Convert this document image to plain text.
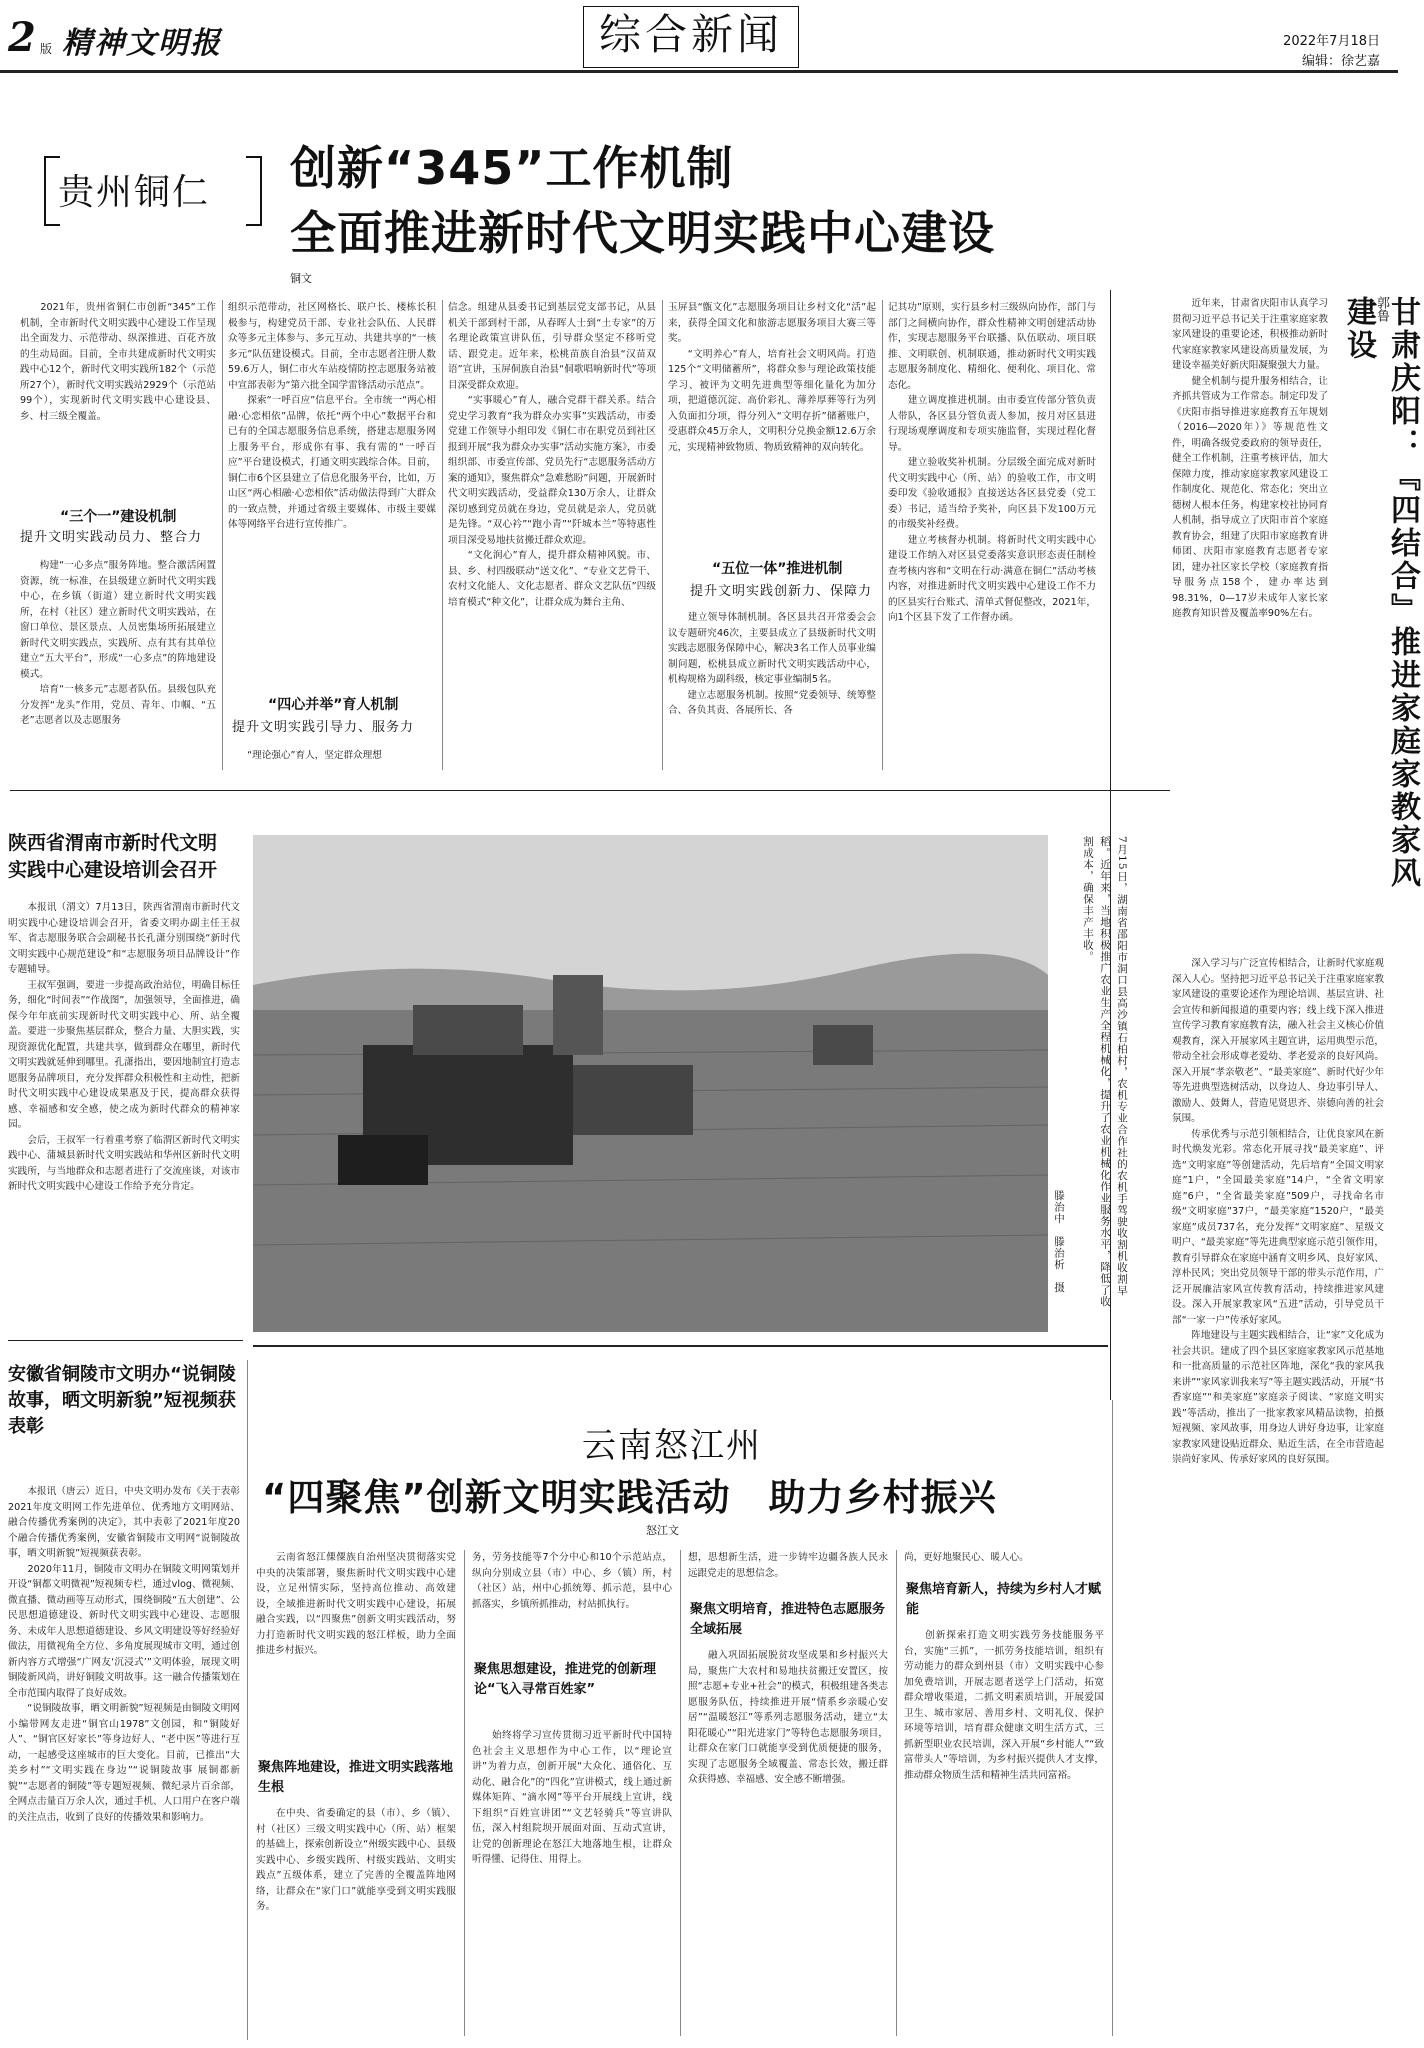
2 版 精神文明报	综合新闻	2022年7月18日
编辑：徐艺嘉
贵州铜仁 创新“345”工作机制
全面推进新时代文明实践中心建设
铜文
　　2021年，贵州省铜仁市创新“345”工作机制，全市新时代文明实践中心建设工作呈现出全面发力、示范带动、纵深推进、百花齐放的生动局面。目前，全市共建成新时代文明实践中心12个，新时代文明实践所182个（示范所27个），新时代文明实践站2929个（示范站99个），实现新时代文明实践中心建设县、乡、村三级全覆盖。
“三个一”建设机制
提升文明实践动员力、整合力
　　构建“一心多点”服务阵地。整合激活闲置资源，统一标准，在县级建立新时代文明实践中心，在乡镇（街道）建立新时代文明实践所，在村（社区）建立新时代文明实践站，在窗口单位、景区景点、人员密集场所拓展建立新时代文明实践点，实践所、点有其有其单位建立“五大平台”，形成“一心多点”的阵地建设模式。
　　培育“一核多元”志愿者队伍。县级包队充分发挥“龙头”作用，党员、青年、巾帼、“五老”志愿者以及志愿服务
组织示范带动，社区网格长、联户长、楼栋长积极参与，构建党员干部、专业社会队伍、人民群众等多元主体参与、多元互动、共建共享的“一核多元”队伍建设模式。目前，全市志愿者注册人数59.6万人，铜仁市火车站疫情防控志愿服务站被中宣部表彰为“第六批全国学雷锋活动示范点”。
　　探索“一呼百应”信息平台。全市统一“两心相融·心恋相依”品牌，依托“两个中心”数据平台和已有的全国志愿服务信息系统，搭建志愿服务网上服务平台，形成你有事、我有需的“一呼百应”平台建设模式，打通文明实践综合体。目前，铜仁市6个区县建立了信息化服务平台，比如，万山区“两心相融·心恋相依”活动做法得到广大群众的一致点赞，并通过省级主要媒体、市级主要媒体等网络平台进行宣传推广。
“四心并举”育人机制
提升文明实践引导力、服务力
　　“理论强心”育人，坚定群众理想
信念。组建从县委书记到基层党支部书记，从县机关干部到村干部，从春晖人士到“土专家”的万名理论政策宣讲队伍，引导群众坚定不移听党话、跟党走。近年来，松桃苗族自治县“汉苗双语”宣讲，玉屏侗族自治县“侗歌唱响新时代”等项目深受群众欢迎。
　　“实事暖心”育人，融合党群干群关系。结合党史学习教育“我为群众办实事”实践活动，市委党建工作领导小组印发《铜仁市在职党员到社区报到开展“我为群众办实事”活动实施方案》，市委组织部、市委宣传部、党员先行“志愿服务活动方案的通知》，聚焦群众“急难愁盼”问题，开展新时代文明实践活动，受益群众130万余人，让群众深切感到党员就在身边，党员就是亲人，党员就是先锋。“双心衿”“跑小青”“阡城本兰”等特惠性项目深受易地扶贫搬迁群众欢迎。
　　“文化润心”育人，提升群众精神风貌。市、县、乡、村四级联动“送文化”、“专业文艺骨干、农村文化能人、文化志愿者、群众文艺队伍”四级培育模式“种文化”，让群众成为舞台主角、
玉屏县“甑文化”志愿服务项目让乡村文化“活”起来，获得全国文化和旅游志愿服务项目大赛三等奖。
　　“文明养心”育人，培育社会文明风尚。打造125个“文明储蓄所”，将群众参与理论政策技能学习、被评为文明先进典型等细化量化为加分项，把道德沉淀、高价彩礼、薄养厚葬等行为列入负面扣分项，得分列入“文明存折”储蓄账户，受惠群众45万余人，文明积分兑换金额12.6万余元，实现精神致物质、物质致精神的双向转化。
“五位一体”推进机制
提升文明实践创新力、保障力
　　建立领导体制机制。各区县共召开常委会会议专题研究46次，主要县成立了县级新时代文明实践志愿服务保障中心，解决3名工作人员事业编制问题，松桃县成立新时代文明实践活动中心，机构规格为副科级，核定事业编制5名。
　　建立志愿服务机制。按照“党委领导、统筹整合、各负其责、各展所长、各
记其功”原则，实行县乡村三级纵向协作，部门与部门之间横向协作，群众性精神文明创建活动协作，实现志愿服务平台联播、队伍联动、项目联推、文明联创、机制联通，推动新时代文明实践志愿服务制度化、精细化、便利化、项目化、常态化。
　　建立调度推进机制。由市委宣传部分管负责人带队，各区县分管负责人参加，按月对区县进行现场观摩调度和专项实施监督，实现过程化督导。
　　建立验收奖补机制。分层级全面完成对新时代文明实践中心（所、站）的验收工作，市文明委印发《验收通报》直接送达各区县党委（党工委）书记，适当给予奖补，向区县下发100万元的市级奖补经费。
　　建立考核督办机制。将新时代文明实践中心建设工作纳入对区县党委落实意识形态责任制检查考核内容和“文明在行动·满意在铜仁”活动考核内容，对推进新时代文明实践中心建设工作不力的区县实行台账式、清单式督促整改，2021年，向1个区县下发了工作督办函。
郭鲁
甘肃庆阳：『四结合』推进家庭家教家风建设
　　近年来，甘肃省庆阳市认真学习贯彻习近平总书记关于注重家庭家教家风建设的重要论述，积极推动新时代家庭家教家风建设高质量发展，为建设幸福美好新庆阳凝聚强大力量。
　　健全机制与提升服务相结合，让齐抓共管成为工作常态。制定印发了《庆阳市指导推进家庭教育五年规划（2016—2020年）》等规范性文件，明确各级党委政府的领导责任，健全工作机制，注重考核评估，加大保障力度，推动家庭家教家风建设工作制度化、规范化、常态化；突出立德树人根本任务，构建家校社协同育人机制，指导成立了庆阳市首个家庭教育协会，组建了庆阳市家庭教育讲师团、庆阳市家庭教育志愿者专家团，建办社区家长学校（家庭教育指导服务点158个，建办率达到98.31%，0—17岁未成年人家长家庭教育知识普及覆盖率90%左右。
　　深入学习与广泛宣传相结合，让新时代家庭观深入人心。坚持把习近平总书记关于注重家庭家教家风建设的重要论述作为理论培训、基层宣讲、社会宣传和新闻报道的重要内容；线上线下深入推进宣传学习教育家庭教育法，融入社会主义核心价值观教育，深入开展家风主题宣讲，运用典型示范，带动全社会形成尊老爱幼、孝老爱亲的良好风尚。深入开展“孝亲敬老”、“最美家庭”、新时代好少年等先进典型选树活动，以身边人、身边事引导人、激励人、鼓舞人，营造见贤思齐、崇德向善的社会氛围。
　　传承优秀与示范引领相结合，让优良家风在新时代焕发光彩。常态化开展寻找“最美家庭”、评选“文明家庭”等创建活动，先后培育“全国文明家庭”1户，“全国最美家庭”14户，“全省文明家庭”6户，“全省最美家庭”509户，寻找命名市级“文明家庭”37户，“最美家庭”1520户，“最美家庭”成员737名，充分发挥“文明家庭”、星级文明户、“最美家庭”等先进典型家庭示范引领作用，教育引导群众在家庭中涵育文明乡风、良好家风、淳朴民风；突出党员领导干部的带头示范作用，广泛开展廉洁家风宣传教育活动，持续推进家风建设。深入开展家教家风“五进”活动，引导党员干部“一家一户”传承好家风。
　　阵地建设与主题实践相结合，让“家”文化成为社会共识。建成了四个县区家庭家教家风示范基地和一批高质量的示范社区阵地，深化“我的家风我来讲”“家风家训我来写”等主题实践活动，开展“书香家庭”“和美家庭”家庭亲子阅读、“家庭文明实践”等活动，推出了一批家教家风精品读物，拍摄短视频、家风故事，用身边人讲好身边事，让家庭家教家风建设贴近群众、贴近生活，在全市营造起崇尚好家风、传承好家风的良好氛围。
陕西省渭南市新时代文明实践中心建设培训会召开
　　本报讯（渭文）7月13日，陕西省渭南市新时代文明实践中心建设培训会召开，省委文明办副主任王叔军、省志愿服务联合会副秘书长孔潇分别围绕“新时代文明实践中心规范建设”和“志愿服务项目品牌设计”作专题辅导。
　　王叔军强调，要进一步提高政治站位，明确目标任务，细化“时间表”“作战图”，加强领导，全面推进，确保今年年底前实现新时代文明实践中心、所、站全覆盖。要进一步聚焦基层群众，整合力量、大胆实践，实现资源优化配置，共建共享，做到群众在哪里，新时代文明实践就延伸到哪里。孔潇指出，要因地制宜打造志愿服务品牌项目，充分发挥群众积极性和主动性，把新时代文明实践中心建设成果惠及于民，提高群众获得感、幸福感和安全感，使之成为新时代群众的精神家园。
　　会后，王叔军一行着重考察了临渭区新时代文明实践中心、蒲城县新时代文明实践站和华州区新时代文明实践所，与当地群众和志愿者进行了交流座谈，对该市新时代文明实践中心建设工作给予充分肯定。	7月15日，湖南省邵阳市洞口县高沙镇石柏村，农机专业合作社的农机手驾驶收割机收割早稻。近年来，当地积极推广农业生产全程机械化，提升了农业机械化作业服务水平，降低了收割成本，确保丰产丰收。
滕治中　滕治析　摄
安徽省铜陵市文明办“说铜陵故事，晒文明新貌”短视频获表彰
　　本报讯（唐云）近日，中央文明办发布《关于表彰2021年度文明网工作先进单位、优秀地方文明网站、融合传播优秀案例的决定》，其中表彰了2021年度20个融合传播优秀案例，安徽省铜陵市文明网“说铜陵故事，晒文明新貌”短视频获表彰。
　　2020年11月，铜陵市文明办在铜陵文明网策划并开设“铜都文明微视”短视频专栏，通过vlog、微视频、微直播、微动画等互动形式，围绕铜陵“五大创建”、公民思想道德建设、新时代文明实践中心建设、志愿服务、未成年人思想道德建设、乡风文明建设等好经验好做法，用微视角全方位、多角度展现城市文明，通过创新内容方式增强“广网友‘沉浸式’”文明体验，展现文明铜陵新风尚，讲好铜陵文明故事。这一融合传播策划在全市范围内取得了良好成效。
　　“说铜陵故事，晒文明新貌”短视频是由铜陵文明网小编带网友走进“铜官山1978”文创园，和“铜陵好人”、“铜官区好家长”等身边好人、“老中医”等进行互动，一起感受这座城市的巨大变化。目前，已推出“大美乡村”“文明实践在身边”“说铜陵故事 展铜都新貌”“志愿者的铜陵”等专题短视频、微纪录片百余部，全网点击量百万余人次，通过手机、人口用户在客户端的关注点击，收到了良好的传播效果和影响力。
云南怒江州
“四聚焦”创新文明实践活动　助力乡村振兴
怒江文
　　云南省怒江傈僳族自治州坚决贯彻落实党中央的决策部署，聚焦新时代文明实践中心建设，立足州情实际，坚持高位推动、高效建设，全域推进新时代文明实践中心建设，拓展融合实践，以“四聚焦”创新文明实践活动，努力打造新时代文明实践的怒江样板，助力全面推进乡村振兴。
聚焦阵地建设，推进文明实践落地生根
　　在中央、省委确定的县（市）、乡（镇）、村（社区）三级文明实践中心（所、站）框架的基础上，探索创新设立“州级实践中心、县级实践中心、乡级实践所、村级实践站、文明实践点”五级体系，建立了完善的全覆盖阵地网络，让群众在“家门口”就能享受到文明实践服务。
务，劳务技能等7个分中心和10个示范站点，纵向分别成立县（市）中心、乡（镇）所，村（社区）站，州中心抓统筹、抓示范，县中心抓落实，乡镇所抓推动，村站抓执行。
聚焦思想建设，推进党的创新理论“飞入寻常百姓家”
　　始终将学习宣传贯彻习近平新时代中国特色社会主义思想作为中心工作，以“理论宣讲”为着力点，创新开展“大众化、通俗化、互动化、融合化”的“四化”宣讲模式，线上通过新媒体矩阵、“滴水网”等平台开展线上宣讲，线下组织“百姓宣讲团”“文艺轻骑兵”等宣讲队伍，深入村组院坝开展面对面、互动式宣讲，让党的创新理论在怒江大地落地生根，让群众听得懂、记得住、用得上。
想，思想新生活，进一步铸牢边疆各族人民永远跟党走的思想信念。
聚焦文明培育，推进特色志愿服务全域拓展
　　融入巩固拓展脱贫攻坚成果和乡村振兴大局，聚焦广大农村和易地扶贫搬迁安置区，按照“志愿+专业+社会”的模式，积极组建各类志愿服务队伍，持续推进开展“情系乡亲暖心安居”“温暖怒江”等系列志愿服务活动，建立“太阳花暖心”“阳光进家门”等特色志愿服务项目，让群众在家门口就能享受到优质便捷的服务，实现了志愿服务全域覆盖、常态长效，搬迁群众获得感、幸福感、安全感不断增强。
尚，更好地聚民心、暖人心。
聚焦培育新人，持续为乡村人才赋能
　　创新探索打造文明实践劳务技能服务平台，实施“三抓”，一抓劳务技能培训，组织有劳动能力的群众到州县（市）文明实践中心参加免费培训，开展志愿者送学上门活动，拓宽群众增收渠道，二抓文明素质培训，开展爱国卫生、城市家居、善用乡村、文明礼仪、保护环境等培训，培育群众健康文明生活方式，三抓新型职业农民培训，深入开展“乡村能人”“致富带头人”等培训，为乡村振兴提供人才支撑，推动群众物质生活和精神生活共同富裕。
